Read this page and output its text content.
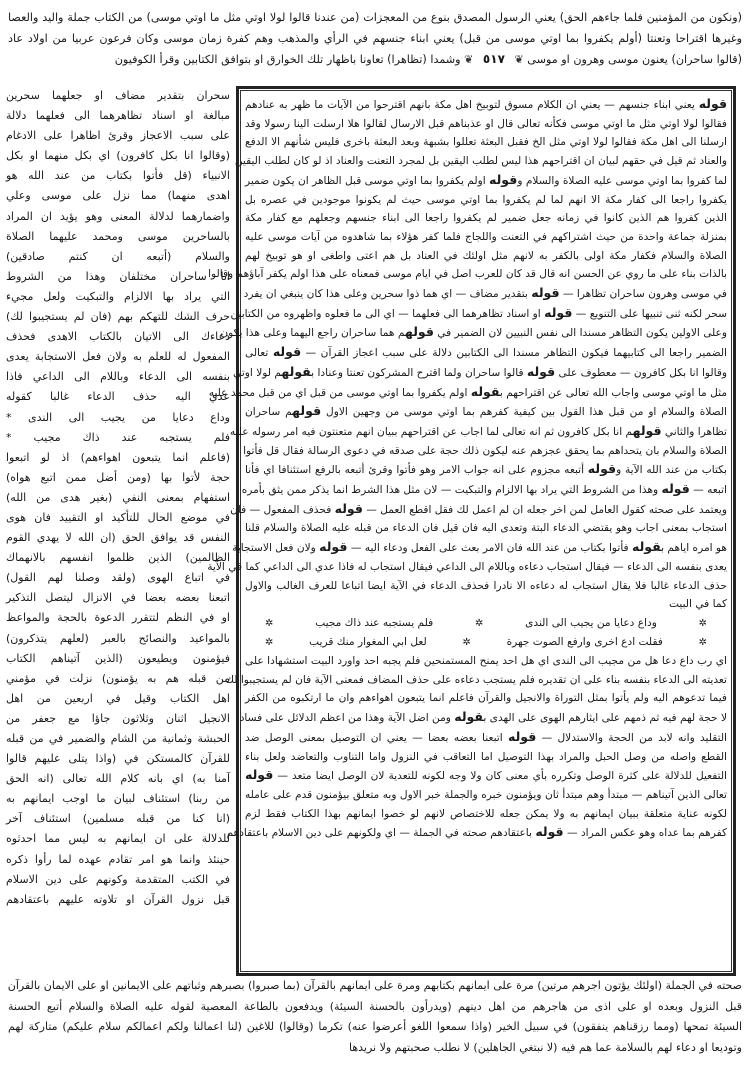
(ونكون من المؤمنين فلما جاءهم الحق) يعني الرسول المصدق بنوع من المعجزات (من عندنا قالوا لولا اوتي مثل ما اوتي موسى) من الكتاب جملة واليد والعصا
وغيرها اقتراحا وتعنتا (أولم يكفروا بما اوتي موسى من قبل) يعني ابناء جنسهم في الرأي والمذهب وهم كفرة زمان موسى وكان فرعون عربيا من اولاد عاد
(قالوا ساحران) يعنون موسى وهرون او موسى ❦ ٥١٧ ❦ وشمدا (تظاهرا) تعاونا باظهار تلك الخوارق او بتوافق الكتابين وقرأ الكوفيون
قوله يعني ابناء جنسهم — يعني ان الكلام مسوق لتوبيخ اهل مكة بانهم اقترحوا من الآيات ما ظهر به عنادهم
فقالوا لولا اوتي مثل ما اوتي موسى فكأنه تعالى قال او عذبناهم قبل الارسال لقالوا هلا ارسلت الينا رسولا وقد
ارسلنا الى اهل مكة فقالوا لولا اوتي مثل الخ فقبل البعثة تعللوا بشبهة وبعد البعثة باخرى فليس شأنهم الا الدفع
والعناد ثم قيل في حقهم لبيان ان اقتراحهم هذا ليس لطلب اليقين بل لمجرد التعنت والعناد اذ لو كان لطلب اليقين
لما كفروا بما اوتي موسى عليه الصلاة والسلام وقوله اولم يكفروا بما اوتي موسى قبل الظاهر ان يكون ضمير
يكفروا راجعا الى كفار مكة الا انهم لما لم يكفروا بما اوتي موسى حيث لم يكونوا موجودين في عصره بل
الذين كفروا هم الذين كانوا في زمانه جعل ضمير لم يكفروا راجعا الى ابناء جنسهم وجعلهم مع كفار مكة
بمنزلة جماعة واحدة من حيث اشتراكهم في التعنت واللجاج فلما كفر هؤلاء بما شاهدوه من آيات موسى عليه
الصلاة والسلام فكفار مكة اولى بالكفر به لانهم مثل اولئك في العناد بل هم اعتى واطغى او هو توبيخ لهم
بالذات بناء على ما روي عن الحسن انه قال قد كان للعرب اصل في ايام موسى فمعناه على هذا اولم يكفر آباؤهم وقالوا
في موسى وهرون ساحران تظاهرا — قوله بتقدير مضاف — اي هما ذوا سحرين وعلى هذا كان ينبغي ان يفرد
سحر لكنه ثنى تنبيها على التنويع — قوله او اسناد تظاهرهما الى فعلهما — اي الى ما فعلوه واظهروه من الكتابين
وعلى الاولين يكون التظاهر مسندا الى نفس النبيين لان الضمير في قولهم هما ساحران راجع اليهما وعلى هذا يكون
الضمير راجعا الى كتابيهما فيكون التظاهر مسندا الى الكتابين دلالة على سبب اعجاز القرآن — قوله تعالى
وقالوا انا بكل كافرون — معطوف على قوله قالوا ساحران ولما اقترح المشركون تعنتا وعنادا بقولهم لولا اوتي
مثل ما اوتي موسى واجاب الله تعالى عن اقتراحهم بقوله اولم يكفروا بما اوتي موسى من قبل اي من قبل محمد عليه
الصلاة والسلام او من قبل هذا القول بين كيفية كفرهم بما اوتي موسى من وجهين الاول قولهم ساحران
تظاهرا والثاني قولهم انا بكل كافرون ثم انه تعالى لما اجاب عن اقتراحهم ببيان انهم متعنتون فيه امر رسوله عليه
الصلاة والسلام بان يتحداهم بما يحقق عجزهم عنه ليكون ذلك حجة على صدقه في دعوى الرسالة فقال قل فأتوا
بكتاب من عند الله الآية وقوله أتبعه مجزوم على انه جواب الامر وهو فأتوا وقرئ أتبعه بالرفع استئنافا اي فأنا
اتبعه — قوله وهذا من الشروط التي يراد بها الالزام والتبكيت — لان مثل هذا الشرط انما يذكر ممن يثق بأمره
ويعتمد على صحته كقول العامل لمن اخر جعله ان لم اعمل لك فقل اقطع العمل — قوله فحذف المفعول — فان
استجاب بمعنى اجاب وهو يقتضي الدعاء البتة وتعدى اليه فان قيل فان الدعاء من قبله عليه الصلاة والسلام قلنا
هو امره اياهم بقوله فأتوا بكتاب من عند الله فان الامر بعث على الفعل ودعاء اليه — قوله ولان فعل الاستجابة
يعدى بنفسه الى الدعاء — فيقال استجاب دعاءه وباللام الى الداعي فيقال استجاب له فاذا عدي الى الداعي كما في الآية
حذف الدعاء غالبا فلا يقال استجاب له دعاءه الا نادرا فحذف الدعاء في الآية ايضا اتباعا للعرف الغالب والاول
كما في البيت
✲
وداع دعايا من يجيب الى الندى
✲
فلم يستجبه عند ذاك مجيب
✲
✲
فقلت ادع اخرى وارفع الصوت جهرة
✲
لعل ابي المغوار منك قريب
✲
اي رب داع دعا هل من مجيب الى الندى اي هل احد يمنح المستمنحين فلم يجبه احد واورد البيت استشهادا على
تعديته الى الدعاء بنفسه بناء على ان تقديره فلم يستجب دعاءه على حذف المضاف فمعنى الآية فان لم يستجيبوا لك
فيما تدعوهم اليه ولم يأتوا بمثل التوراة والانجيل والقرآن فاعلم انما يتبعون اهواءهم وان ما ارتكبوه من الكفر
لا حجة لهم فيه ثم ذمهم على ايثارهم الهوى على الهدى بقوله ومن اضل الآية وهذا من اعظم الدلائل على فساد
التقليد وانه لابد من الحجة والاستدلال — قوله اتبعنا بعضه بعضا — يعني ان التوصيل بمعنى الوصل ضد
القطع واصله من وصل الحبل والمراد بهذا التوصيل اما التعاقب في النزول واما التناوب والتعاضد ولعل بناء
التفعيل للدلالة على كثرة الوصل وتكرره بأي معنى كان ولا وجه لكونه للتعدية لان الوصل ايضا متعد — قوله
تعالى الذين آتيناهم — مبتدأ وهم مبتدأ ثان ويؤمنون خبره والجملة خبر الاول وبه متعلق بيؤمنون قدم على عامله
لكونه عناية متعلقة ببيان ايمانهم به ولا يمكن جعله للاختصاص لانهم لو خصوا ايمانهم بهذا الكتاب فقط لزم
كفرهم بما عداه وهو عكس المراد — قوله باعتقادهم صحته في الجملة — اي ولكونهم على دين الاسلام باعتقادهم
سحران بتقدير مضاف او جعلهما سحرين
مبالغة او اسناد تظاهرهما الى فعلهما دلالة
على سبب الاعجاز وقرئ اظاهرا على الادغام
(وقالوا انا بكل كافرون) اي بكل منهما او بكل
الانبياء (قل فأتوا بكتاب من عند الله هو
اهدى منهما) مما نزل على موسى وعلي
واضمارهما لدلالة المعنى وهو يؤيد ان المراد
بالساحرين موسى ومحمد عليهما الصلاة
والسلام (أتبعه ان كنتم صادقين)
انا ساحران مختلفان وهذا من الشروط
التي يراد بها الالزام والتبكيت ولعل مجيء
حرف الشك للتهكم بهم (فان لم يستجيبوا لك)
دعاءك الى الاتيان بالكتاب الاهدى فحذف
المفعول له للعلم به ولان فعل الاستجابة يعدى
بنفسه الى الدعاء وباللام الى الداعي فاذا
عدي اليه حذف الدعاء غالبا كقوله
وداع دعايا من يجيب الى الندى *
فلم يستجبه عند ذاك مجيب *
(فاعلم انما يتبعون اهواءهم) اذ لو اتبعوا
حجة لأتوا بها (ومن أضل ممن اتبع هواه)
استفهام بمعنى النفي (بغير هدى من الله)
في موضع الحال للتأكيد او التقييد فان هوى
النفس قد يوافق الحق (ان الله لا يهدي القوم
الظالمين) الذين ظلموا انفسهم بالانهماك
في اتباع الهوى (ولقد وصلنا لهم القول)
اتبعنا بعضه بعضا في الانزال ليتصل التذكير
او في النظم لتتقرر الدعوة بالحجة والمواعظ
بالمواعيد والنصائح بالعبر (لعلهم يتذكرون)
فيؤمنون ويطيعون (الذين آتيناهم الكتاب
من قبله هم به يؤمنون) نزلت في مؤمني
اهل الكتاب وقيل في اربعين من اهل
الانجيل اثنان وثلاثون جاؤا مع جعفر من
الحبشة وثمانية من الشام والضمير في من قبله
للقرآن كالمستكن في (واذا يتلى عليهم قالوا
آمنا به) اي بانه كلام الله تعالى (انه الحق
من ربنا) استئناف لبيان ما اوجب ايمانهم به
(انا كنا من قبله مسلمين) استئناف آخر
للدلالة على ان ايمانهم به ليس مما احدثوه
حينئذ وانما هو امر تقادم عهده لما رأوا ذكره
في الكتب المتقدمة وكونهم على دين الاسلام
قبل نزول القرآن او تلاوته عليهم باعتقادهم
صحته في الجملة (اولئك يؤتون اجرهم مرتين) مرة على ايمانهم بكتابهم ومرة على ايمانهم بالقرآن (بما صبروا) بصبرهم وثباتهم على الايمانين او على الايمان بالقرآن
قبل النزول وبعده او على اذى من هاجرهم من اهل دينهم (ويدرأون بالحسنة السيئة) ويدفعون بالطاعة المعصية لقوله عليه الصلاة والسلام أتبع الحسنة
السيئة تمحها (ومما رزقناهم ينفقون) في سبيل الخير (واذا سمعوا اللغو أعرضوا عنه) تكرما (وقالوا) للاغين (لنا اعمالنا ولكم اعمالكم سلام عليكم) متاركة لهم
وتوديعا او دعاء لهم بالسلامة عما هم فيه (لا نبتغي الجاهلين) لا نطلب صحبتهم ولا نريدها
